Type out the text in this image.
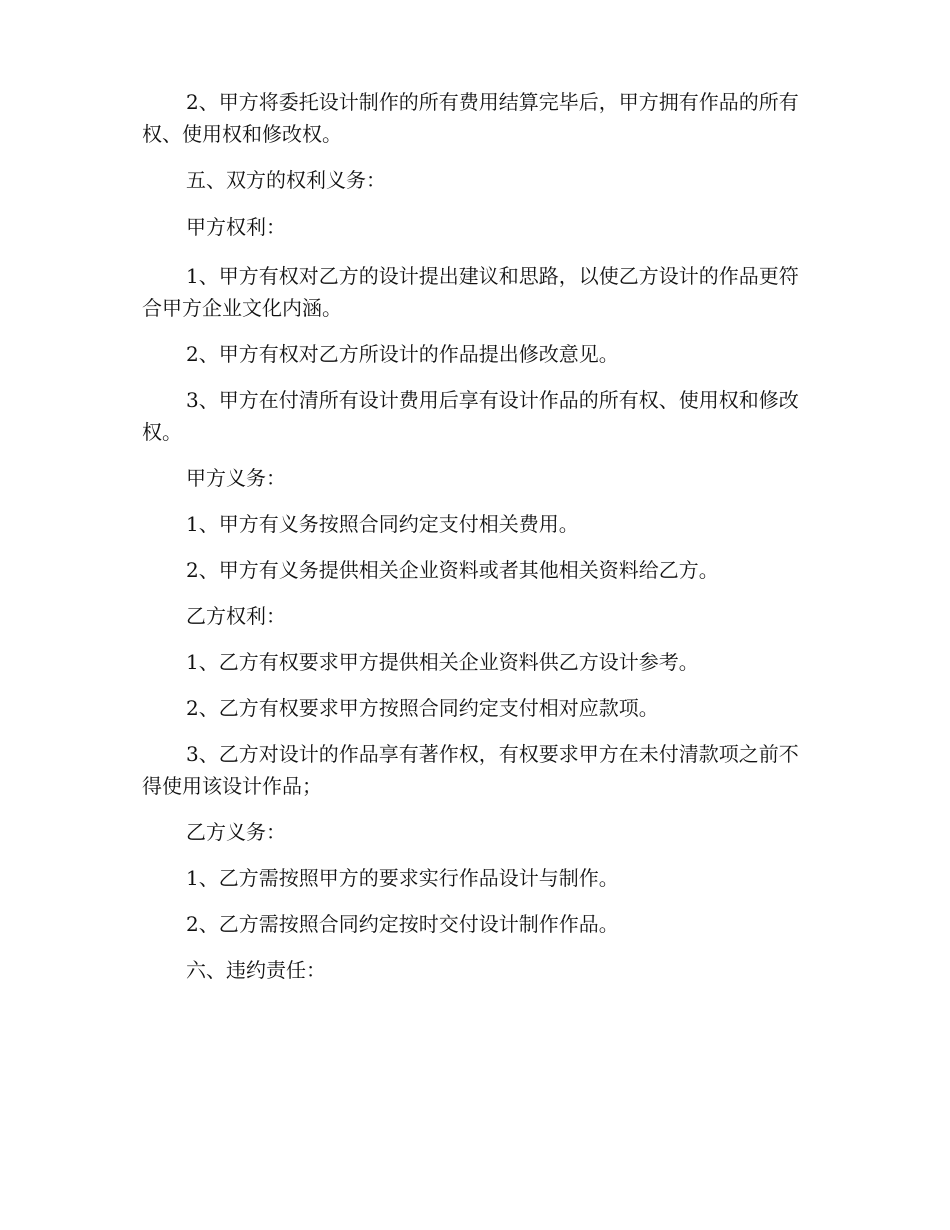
2、甲方将委托设计制作的所有费用结算完毕后，甲方拥有作品的所有权、使用权和修改权。

五、双方的权利义务：

甲方权利：

1、甲方有权对乙方的设计提出建议和思路，以使乙方设计的作品更符合甲方企业文化内涵。

2、甲方有权对乙方所设计的作品提出修改意见。

3、甲方在付清所有设计费用后享有设计作品的所有权、使用权和修改权。

甲方义务：

1、甲方有义务按照合同约定支付相关费用。

2、甲方有义务提供相关企业资料或者其他相关资料给乙方。

乙方权利：

1、乙方有权要求甲方提供相关企业资料供乙方设计参考。

2、乙方有权要求甲方按照合同约定支付相对应款项。

3、乙方对设计的作品享有著作权，有权要求甲方在未付清款项之前不得使用该设计作品；

乙方义务：

1、乙方需按照甲方的要求实行作品设计与制作。

2、乙方需按照合同约定按时交付设计制作作品。

六、违约责任：
